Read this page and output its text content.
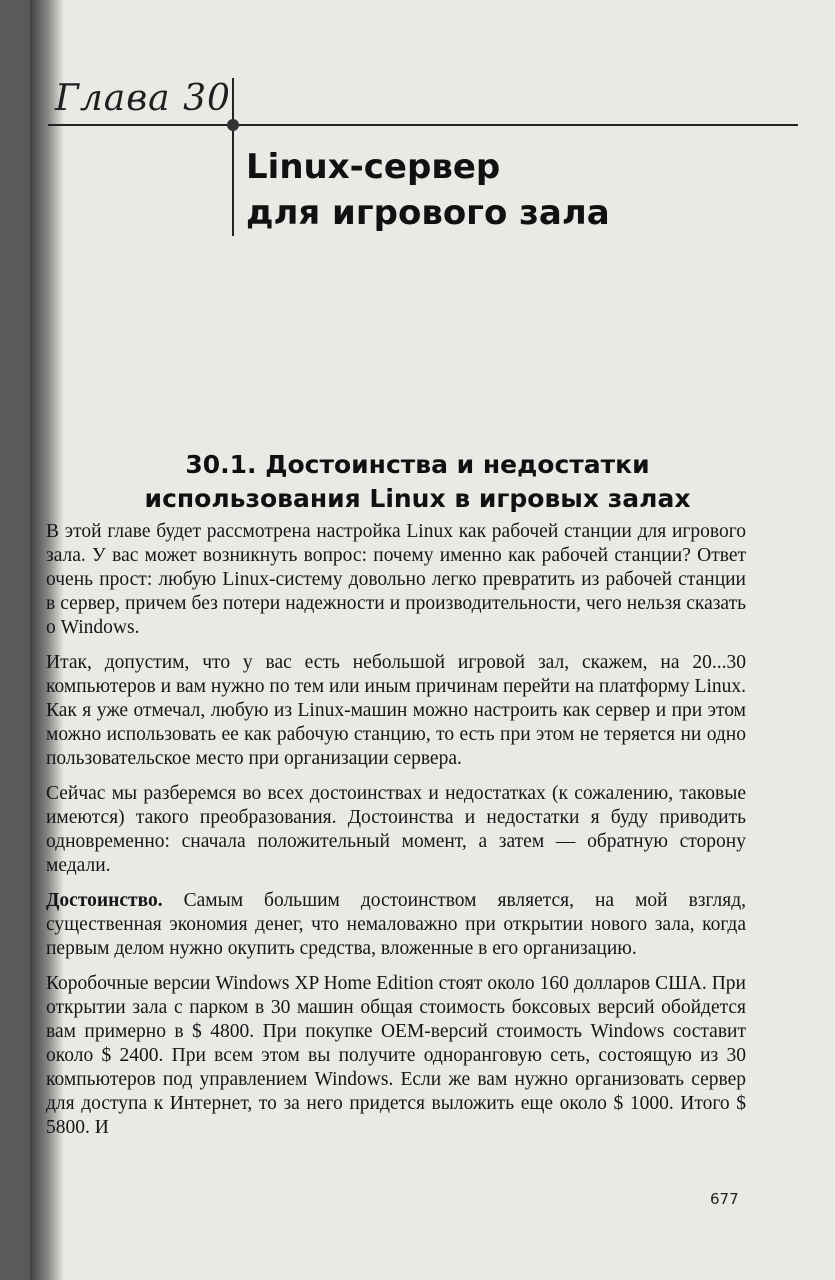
Глава 30
Linux-сервер
для игрового зала
30.1. Достоинства и недостатки
использования Linux в игровых залах

В этой главе будет рассмотрена настройка Linux как рабочей станции для игрового зала. У вас может возникнуть вопрос: почему именно как рабочей станции? Ответ очень прост: любую Linux-систему довольно легко превратить из рабочей станции в сервер, причем без потери надежности и производительности, чего нельзя сказать о Windows.

Итак, допустим, что у вас есть небольшой игровой зал, скажем, на 20...30 компьютеров и вам нужно по тем или иным причинам перейти на платформу Linux. Как я уже отмечал, любую из Linux-машин можно настроить как сервер и при этом можно использовать ее как рабочую станцию, то есть при этом не теряется ни одно пользовательское место при организации сервера.

Сейчас мы разберемся во всех достоинствах и недостатках (к сожалению, таковые имеются) такого преобразования. Достоинства и недостатки я буду приводить одновременно: сначала положительный момент, а затем — обратную сторону медали.

Достоинство. Самым большим достоинством является, на мой взгляд, существенная экономия денег, что немаловажно при открытии нового зала, когда первым делом нужно окупить средства, вложенные в его организацию.

Коробочные версии Windows XP Home Edition стоят около 160 долларов США. При открытии зала с парком в 30 машин общая стоимость боксовых версий обойдется вам примерно в $ 4800. При покупке OEM-версий стоимость Windows составит около $ 2400. При всем этом вы получите одноранговую сеть, состоящую из 30 компьютеров под управлением Windows. Если же вам нужно организовать сервер для доступа к Интернет, то за него придется выложить еще около $ 1000. Итого $ 5800. И

677
